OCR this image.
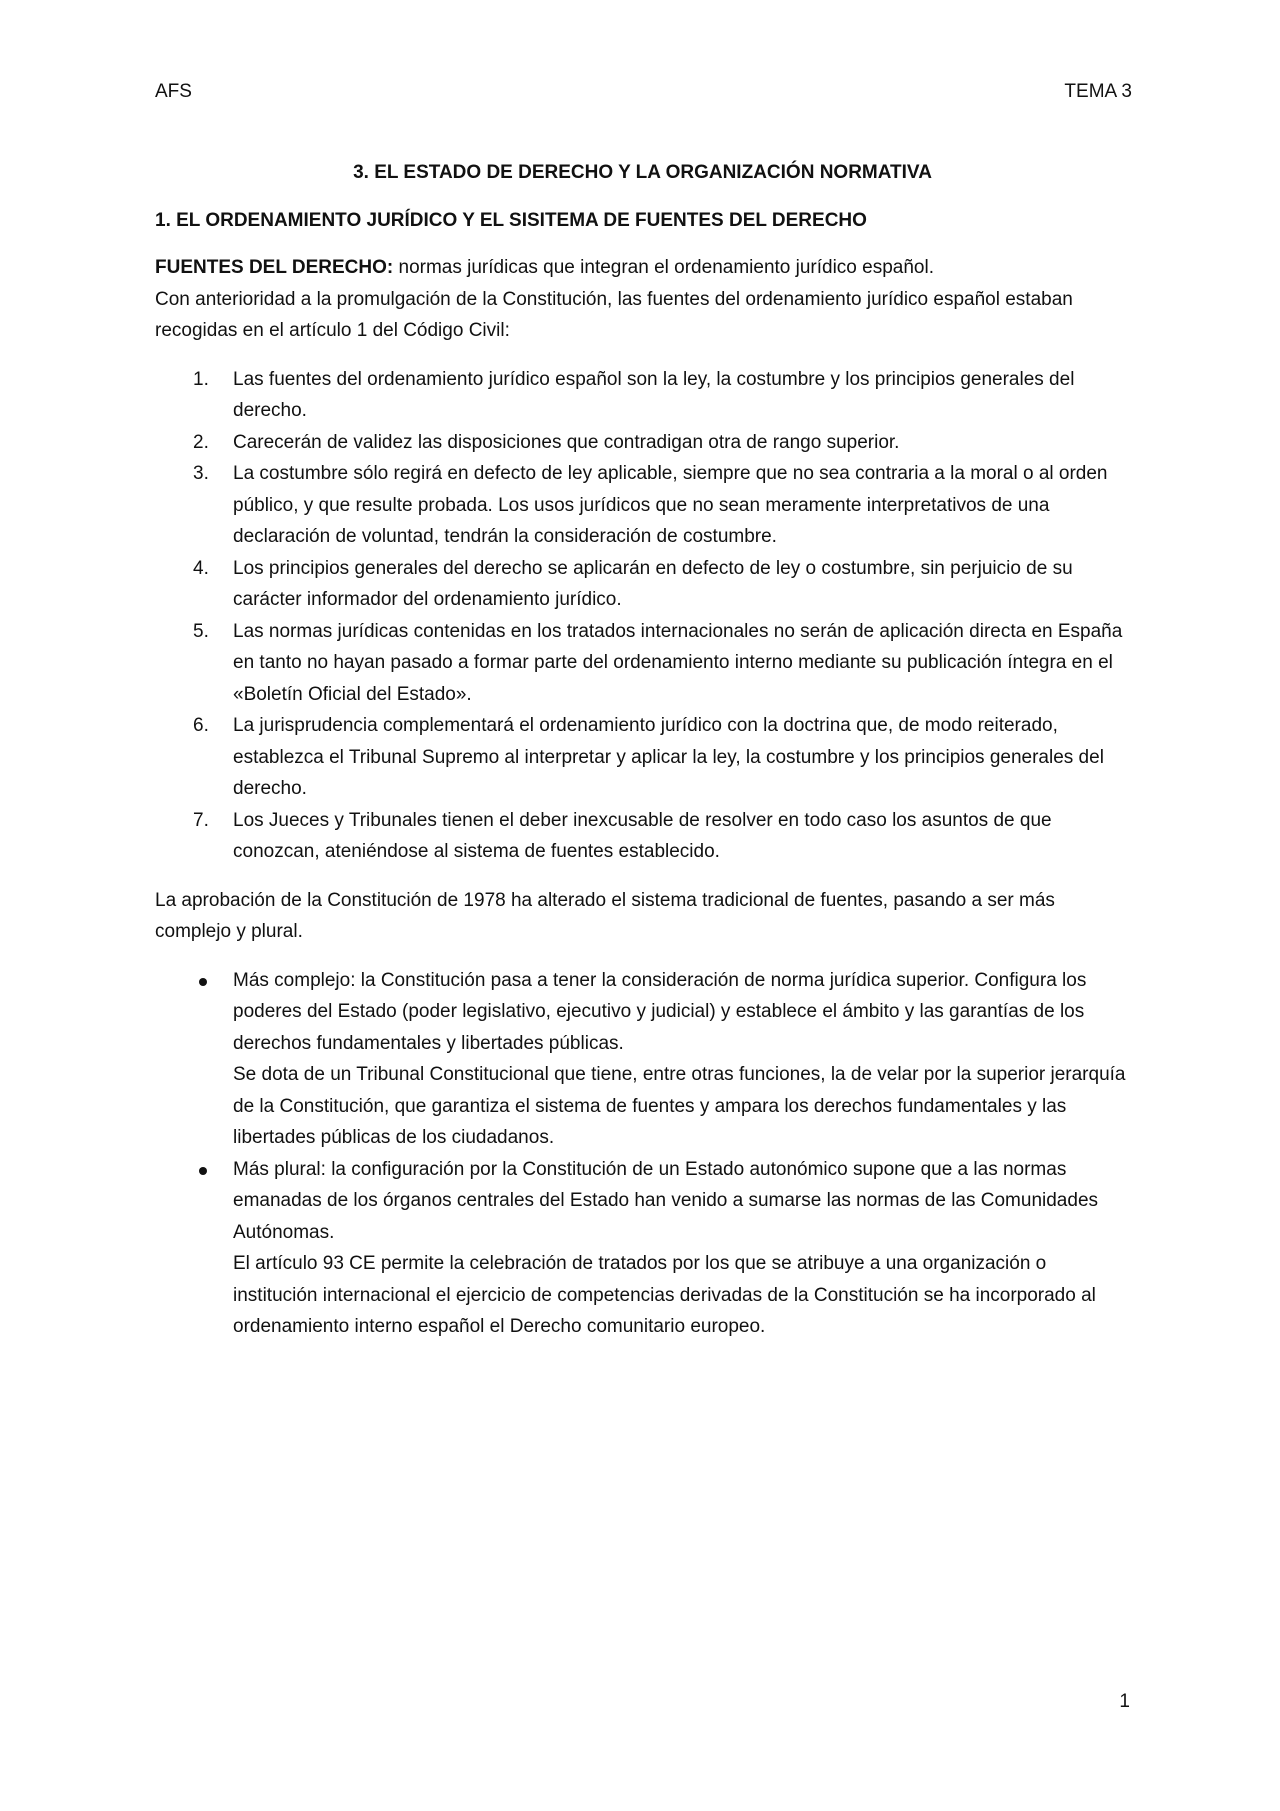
AFS	TEMA 3
3. EL ESTADO DE DERECHO Y LA ORGANIZACIÓN NORMATIVA
1. EL ORDENAMIENTO JURÍDICO Y EL SISITEMA DE FUENTES DEL DERECHO

FUENTES DEL DERECHO: normas jurídicas que integran el ordenamiento jurídico español.

Con anterioridad a la promulgación de la Constitución, las fuentes del ordenamiento jurídico español estaban recogidas en el artículo 1 del Código Civil:

1. Las fuentes del ordenamiento jurídico español son la ley, la costumbre y los principios generales del derecho.
2. Carecerán de validez las disposiciones que contradigan otra de rango superior.
3. La costumbre sólo regirá en defecto de ley aplicable, siempre que no sea contraria a la moral o al orden público, y que resulte probada. Los usos jurídicos que no sean meramente interpretativos de una declaración de voluntad, tendrán la consideración de costumbre.
4. Los principios generales del derecho se aplicarán en defecto de ley o costumbre, sin perjuicio de su carácter informador del ordenamiento jurídico.
5. Las normas jurídicas contenidas en los tratados internacionales no serán de aplicación directa en España en tanto no hayan pasado a formar parte del ordenamiento interno mediante su publicación íntegra en el «Boletín Oficial del Estado».
6. La jurisprudencia complementará el ordenamiento jurídico con la doctrina que, de modo reiterado, establezca el Tribunal Supremo al interpretar y aplicar la ley, la costumbre y los principios generales del derecho.
7. Los Jueces y Tribunales tienen el deber inexcusable de resolver en todo caso los asuntos de que conozcan, ateniéndose al sistema de fuentes establecido.

La aprobación de la Constitución de 1978 ha alterado el sistema tradicional de fuentes, pasando a ser más complejo y plural.

Más complejo: la Constitución pasa a tener la consideración de norma jurídica superior. Configura los poderes del Estado (poder legislativo, ejecutivo y judicial) y establece el ámbito y las garantías de los derechos fundamentales y libertades públicas.

Se dota de un Tribunal Constitucional que tiene, entre otras funciones, la de velar por la superior jerarquía de la Constitución, que garantiza el sistema de fuentes y ampara los derechos fundamentales y las libertades públicas de los ciudadanos.

Más plural: la configuración por la Constitución de un Estado autonómico supone que a las normas emanadas de los órganos centrales del Estado han venido a sumarse las normas de las Comunidades Autónomas.

El artículo 93 CE permite la celebración de tratados por los que se atribuye a una organización o institución internacional el ejercicio de competencias derivadas de la Constitución se ha incorporado al ordenamiento interno español el Derecho comunitario europeo.

1
